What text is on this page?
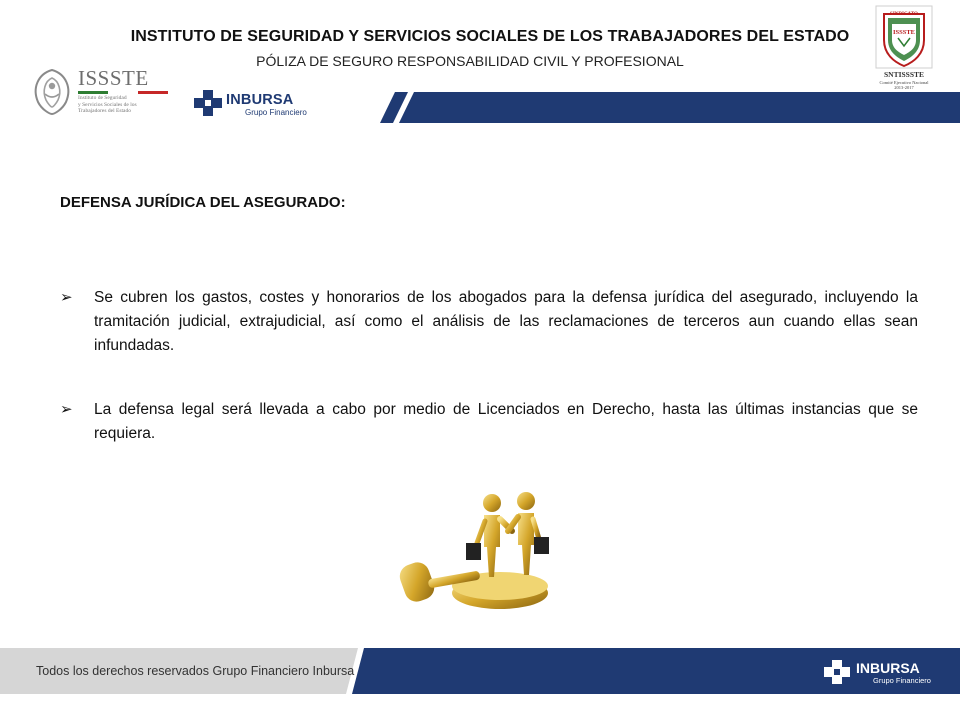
INSTITUTO DE SEGURIDAD Y SERVICIOS SOCIALES DE LOS TRABAJADORES DEL ESTADO
PÓLIZA DE SEGURO RESPONSABILIDAD CIVIL Y PROFESIONAL
ISSSTE
Instituto de Seguridad
y Servicios Sociales de los
Trabajadores del Estado
INBURSA
Grupo Financiero
SINDICATO
ISSSTE
SNTISSSTE
Comité Ejecutivo Nacional
2013-2017
DEFENSA JURÍDICA DEL ASEGURADO:
➢	Se cubren los gastos, costes y honorarios de los abogados para la defensa jurídica del asegurado, incluyendo la tramitación judicial, extrajudicial, así como el análisis de las reclamaciones de terceros aun cuando ellas sean infundadas.
➢	La defensa legal será llevada a cabo por medio de Licenciados en Derecho, hasta las últimas instancias que se requiera.
Todos los derechos reservados Grupo Financiero Inbursa	INBURSA
Grupo Financiero
